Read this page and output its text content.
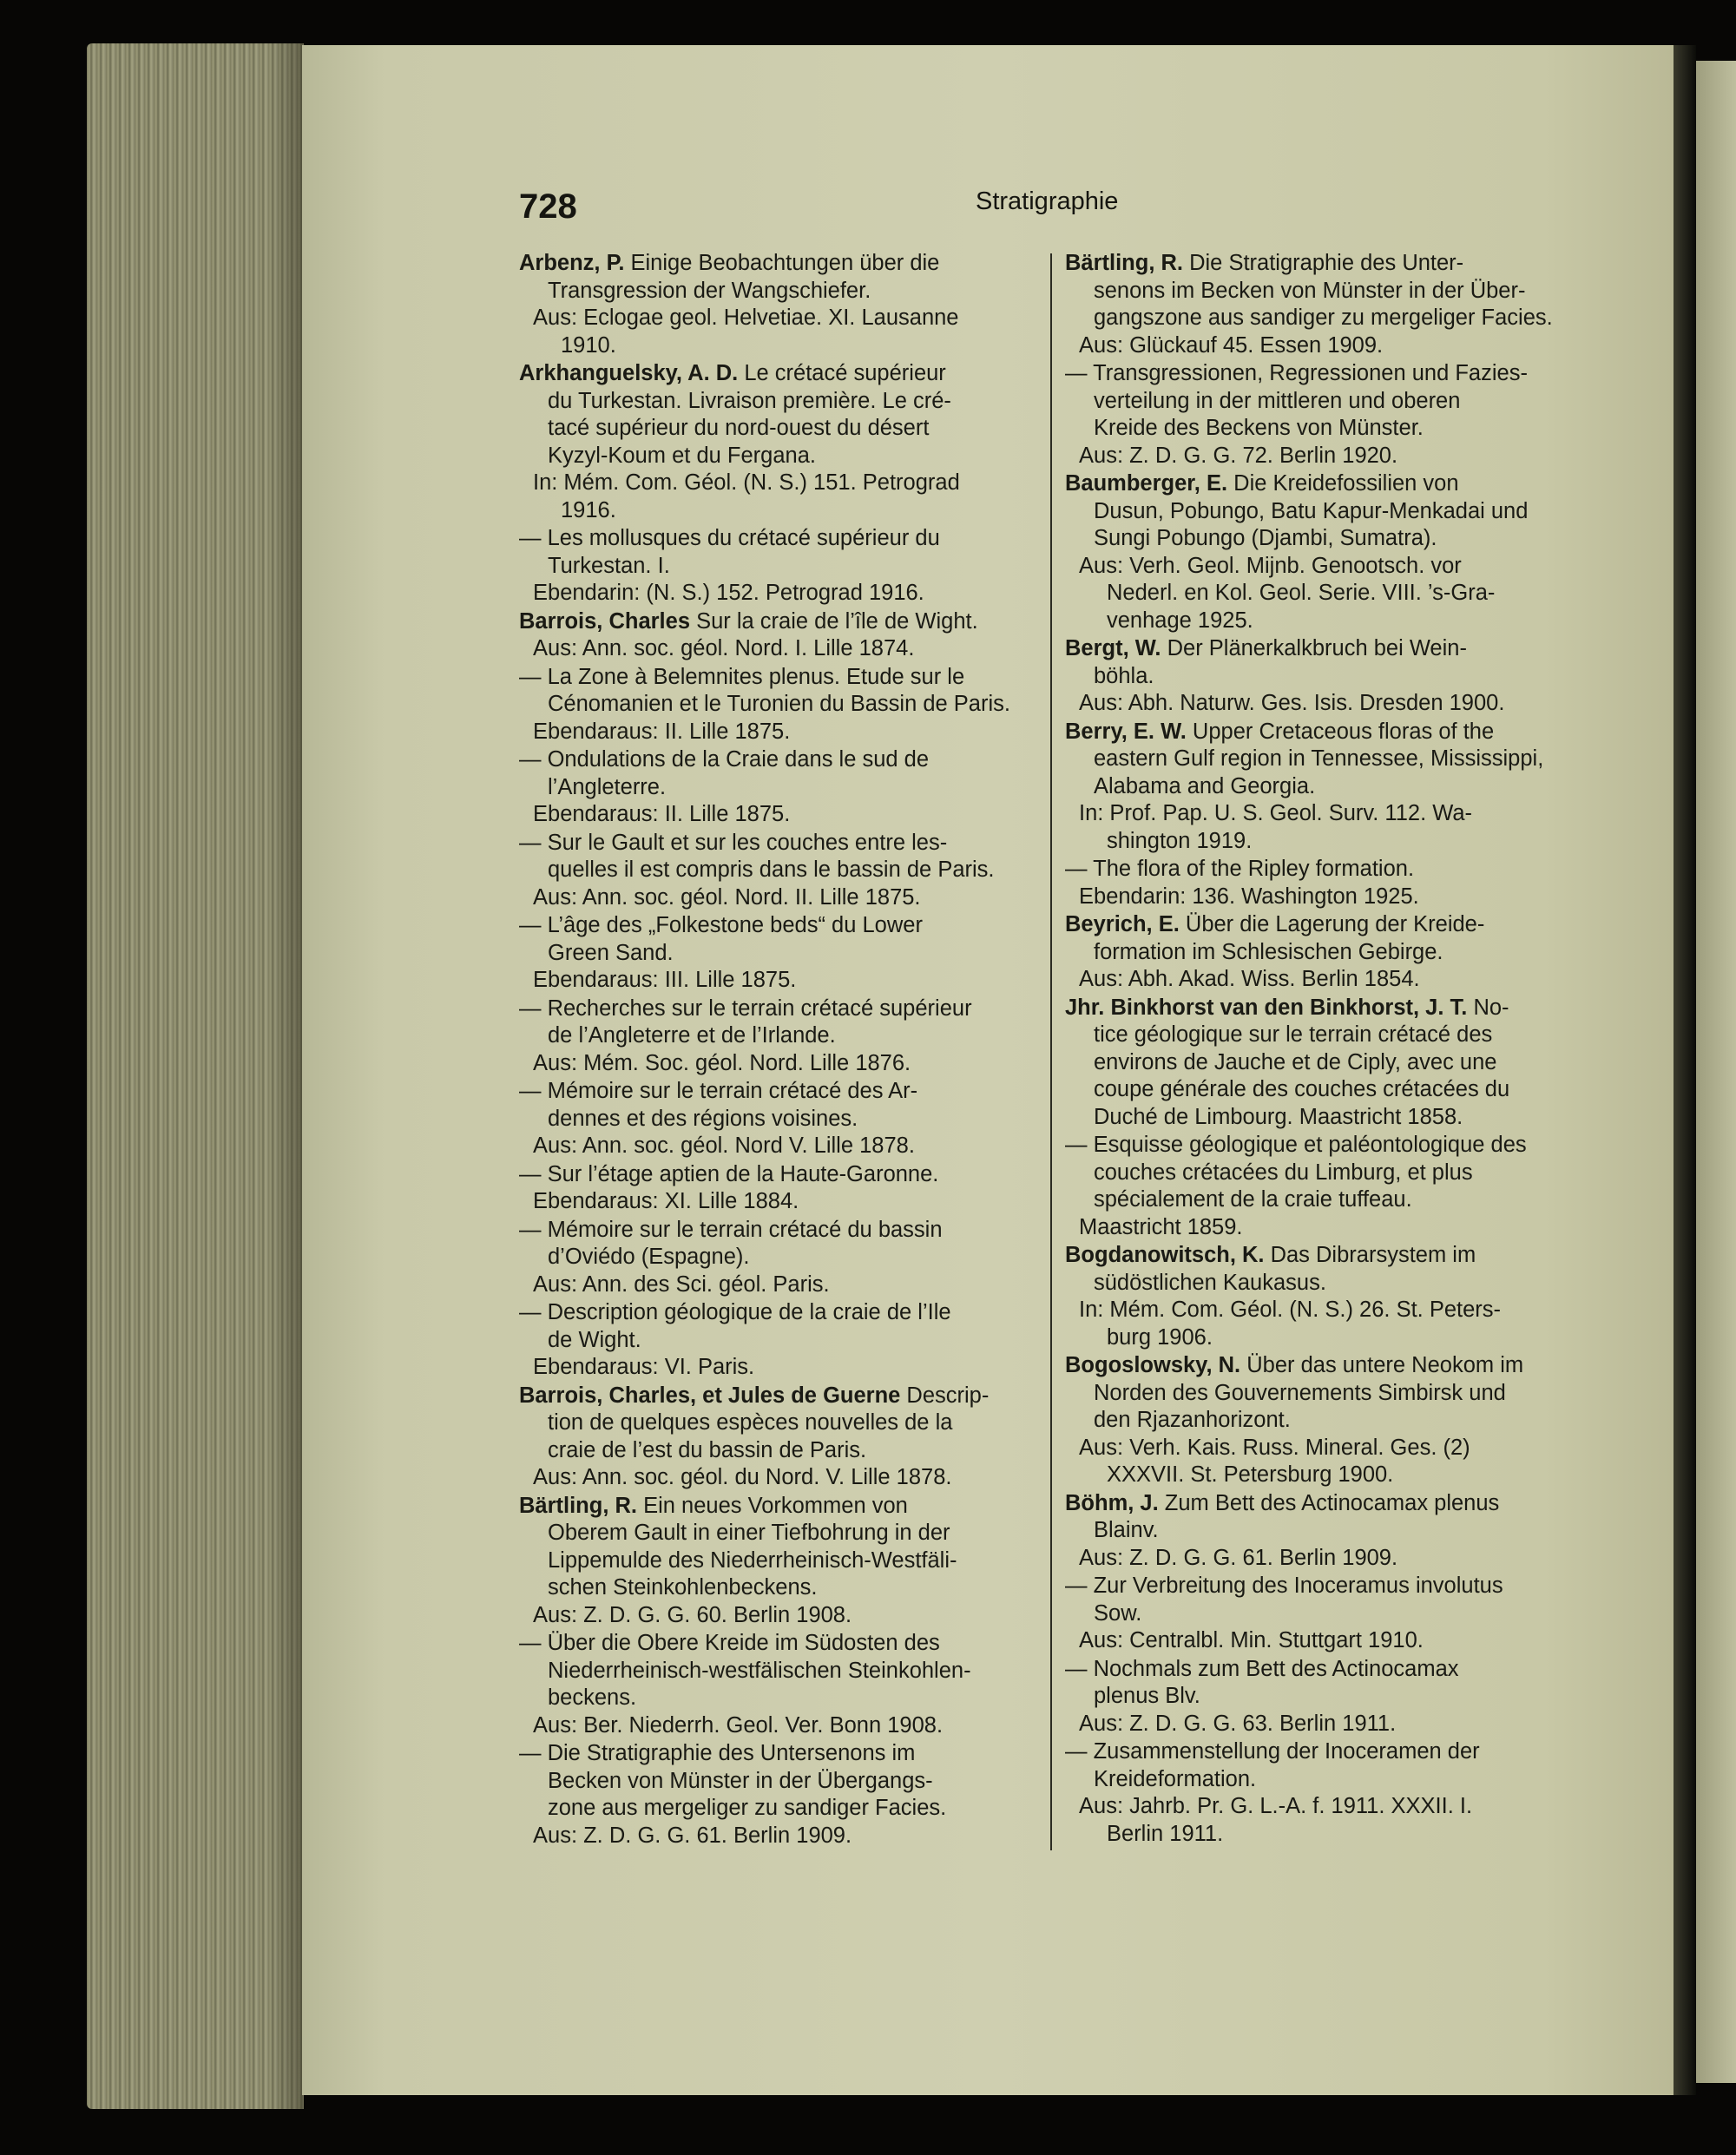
728	Stratigraphie
Arbenz, P. Einige Beobachtungen über die
Transgression der Wangschiefer.
Aus: Eclogae geol. Helvetiae. XI. Lausanne
1910.
Arkhanguelsky, A. D. Le crétacé supérieur
du Turkestan. Livraison première. Le cré-
tacé supérieur du nord-ouest du désert
Kyzyl-Koum et du Fergana.
In: Mém. Com. Géol. (N. S.) 151. Petrograd
1916.
— Les mollusques du crétacé supérieur du
Turkestan. I.
Ebendarin: (N. S.) 152. Petrograd 1916.
Barrois, Charles Sur la craie de l’île de Wight.
Aus: Ann. soc. géol. Nord. I. Lille 1874.
— La Zone à Belemnites plenus. Etude sur le
Cénomanien et le Turonien du Bassin de Paris.
Ebendaraus: II. Lille 1875.
— Ondulations de la Craie dans le sud de
l’Angleterre.
Ebendaraus: II. Lille 1875.
— Sur le Gault et sur les couches entre les-
quelles il est compris dans le bassin de Paris.
Aus: Ann. soc. géol. Nord. II. Lille 1875.
— L’âge des „Folkestone beds“ du Lower
Green Sand.
Ebendaraus: III. Lille 1875.
— Recherches sur le terrain crétacé supérieur
de l’Angleterre et de l’Irlande.
Aus: Mém. Soc. géol. Nord. Lille 1876.
— Mémoire sur le terrain crétacé des Ar-
dennes et des régions voisines.
Aus: Ann. soc. géol. Nord V. Lille 1878.
— Sur l’étage aptien de la Haute-Garonne.
Ebendaraus: XI. Lille 1884.
— Mémoire sur le terrain crétacé du bassin
d’Oviédo (Espagne).
Aus: Ann. des Sci. géol. Paris.
— Description géologique de la craie de l’Ile
de Wight.
Ebendaraus: VI. Paris.
Barrois, Charles, et Jules de Guerne Descrip-
tion de quelques espèces nouvelles de la
craie de l’est du bassin de Paris.
Aus: Ann. soc. géol. du Nord. V. Lille 1878.
Bärtling, R. Ein neues Vorkommen von
Oberem Gault in einer Tiefbohrung in der
Lippemulde des Niederrheinisch-Westfäli-
schen Steinkohlenbeckens.
Aus: Z. D. G. G. 60. Berlin 1908.
— Über die Obere Kreide im Südosten des
Niederrheinisch-westfälischen Steinkohlen-
beckens.
Aus: Ber. Niederrh. Geol. Ver. Bonn 1908.
— Die Stratigraphie des Untersenons im
Becken von Münster in der Übergangs-
zone aus mergeliger zu sandiger Facies.
Aus: Z. D. G. G. 61. Berlin 1909.
Bärtling, R. Die Stratigraphie des Unter-
senons im Becken von Münster in der Über-
gangszone aus sandiger zu mergeliger Facies.
Aus: Glückauf 45. Essen 1909.
— Transgressionen, Regressionen und Fazies-
verteilung in der mittleren und oberen
Kreide des Beckens von Münster.
Aus: Z. D. G. G. 72. Berlin 1920.
Baumberger, E. Die Kreidefossilien von
Dusun, Pobungo, Batu Kapur-Menkadai und
Sungi Pobungo (Djambi, Sumatra).
Aus: Verh. Geol. Mijnb. Genootsch. vor
Nederl. en Kol. Geol. Serie. VIII. ’s-Gra-
venhage 1925.
Bergt, W. Der Plänerkalkbruch bei Wein-
böhla.
Aus: Abh. Naturw. Ges. Isis. Dresden 1900.
Berry, E. W. Upper Cretaceous floras of the
eastern Gulf region in Tennessee, Mississippi,
Alabama and Georgia.
In: Prof. Pap. U. S. Geol. Surv. 112. Wa-
shington 1919.
— The flora of the Ripley formation.
Ebendarin: 136. Washington 1925.
Beyrich, E. Über die Lagerung der Kreide-
formation im Schlesischen Gebirge.
Aus: Abh. Akad. Wiss. Berlin 1854.
Jhr. Binkhorst van den Binkhorst, J. T. No-
tice géologique sur le terrain crétacé des
environs de Jauche et de Ciply, avec une
coupe générale des couches crétacées du
Duché de Limbourg. Maastricht 1858.
— Esquisse géologique et paléontologique des
couches crétacées du Limburg, et plus
spécialement de la craie tuffeau.
Maastricht 1859.
Bogdanowitsch, K. Das Dibrarsystem im
südöstlichen Kaukasus.
In: Mém. Com. Géol. (N. S.) 26. St. Peters-
burg 1906.
Bogoslowsky, N. Über das untere Neokom im
Norden des Gouvernements Simbirsk und
den Rjazanhorizont.
Aus: Verh. Kais. Russ. Mineral. Ges. (2)
XXXVII. St. Petersburg 1900.
Böhm, J. Zum Bett des Actinocamax plenus
Blainv.
Aus: Z. D. G. G. 61. Berlin 1909.
— Zur Verbreitung des Inoceramus involutus
Sow.
Aus: Centralbl. Min. Stuttgart 1910.
— Nochmals zum Bett des Actinocamax
plenus Blv.
Aus: Z. D. G. G. 63. Berlin 1911.
— Zusammenstellung der Inoceramen der
Kreideformation.
Aus: Jahrb. Pr. G. L.-A. f. 1911. XXXII. I.
Berlin 1911.
